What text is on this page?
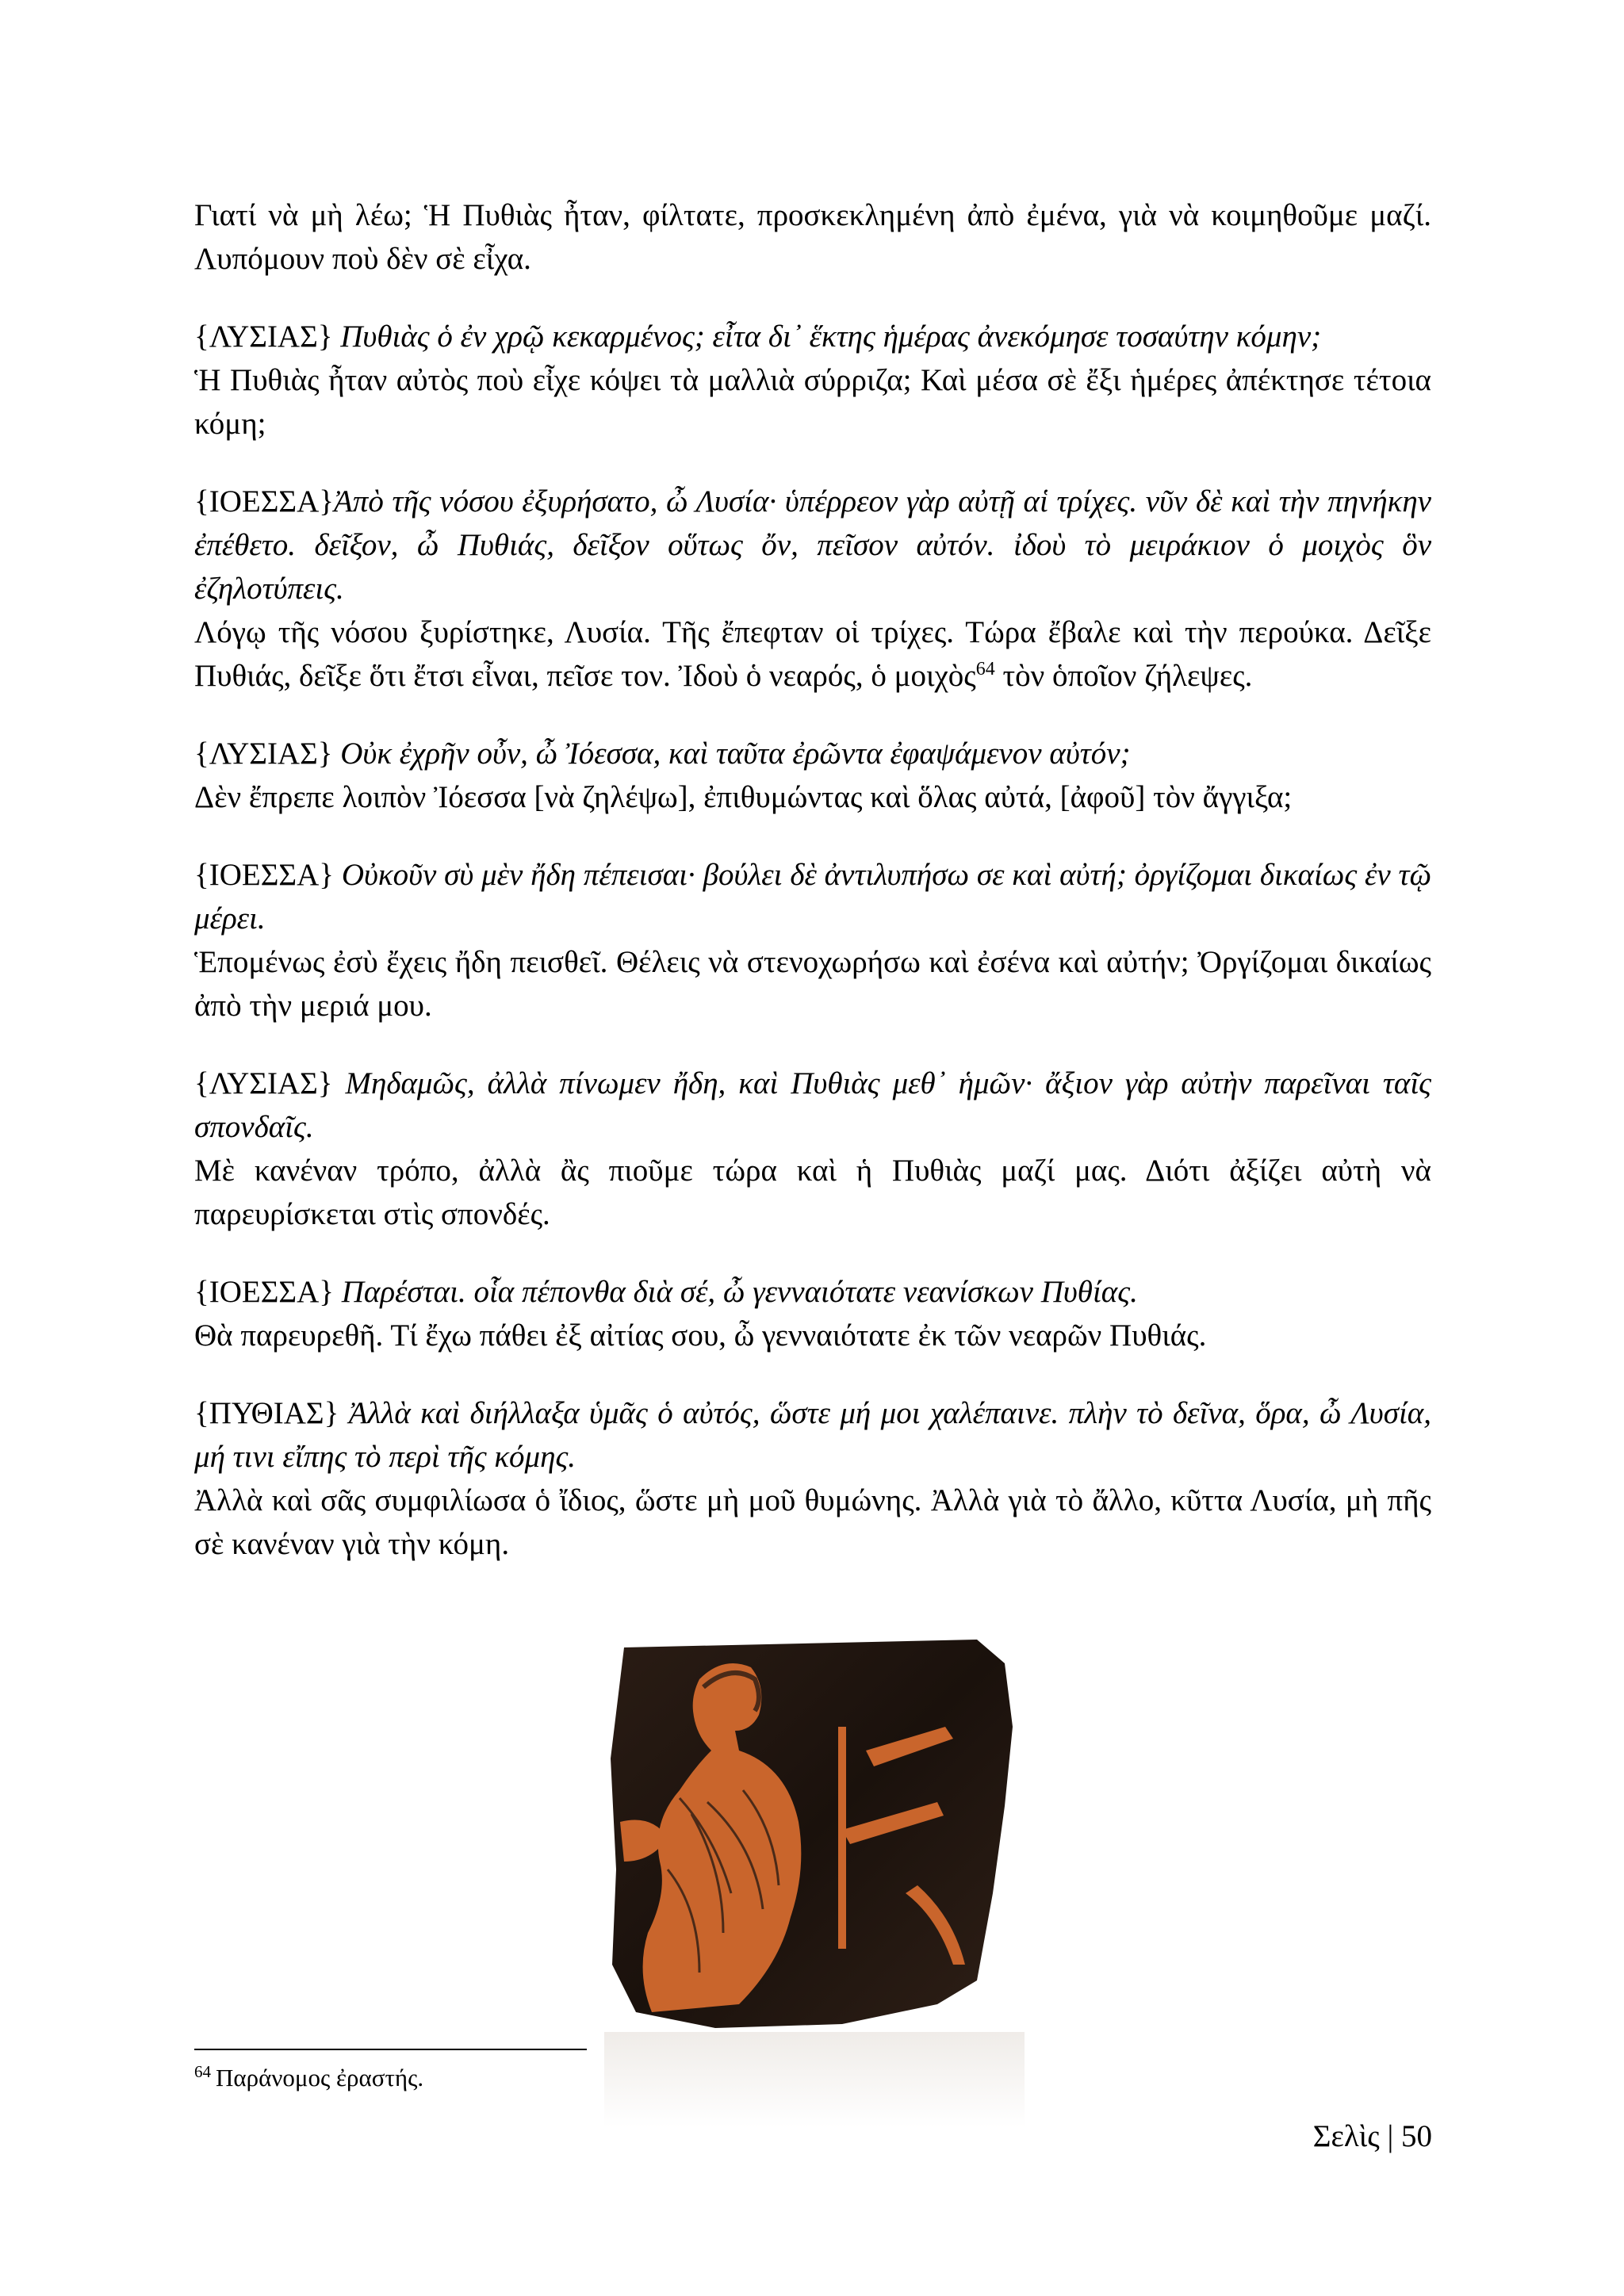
Γιατί νὰ μὴ λέω; Ἡ Πυθιὰς ἦταν, φίλτατε, προσκεκλημένη ἀπὸ ἐμένα, γιὰ νὰ κοιμηθοῦμε μαζί. Λυπόμουν ποὺ δὲν σὲ εἶχα.

{ΛΥΣΙΑΣ} Πυθιὰς ὁ ἐν χρῷ κεκαρμένος; εἶτα δι᾽ ἕκτης ἡμέρας ἀνεκόμησε τοσαύτην κόμην;
Ἡ Πυθιὰς ἦταν αὐτὸς ποὺ εἶχε κόψει τὰ μαλλιὰ σύρριζα; Καὶ μέσα σὲ ἔξι ἡμέρες ἀπέκτησε τέτοια κόμη;

{ΙΟΕΣΣΑ}Ἀπὸ τῆς νόσου ἐξυρήσατο, ὦ Λυσία· ὑπέρρεον γὰρ αὐτῇ αἱ τρίχες. νῦν δὲ καὶ τὴν πηνήκην ἐπέθετο. δεῖξον, ὦ Πυθιάς, δεῖξον οὕτως ὄν, πεῖσον αὐτόν. ἰδοὺ τὸ μειράκιον ὁ μοιχὸς ὃν ἐζηλοτύπεις.
Λόγῳ τῆς νόσου ξυρίστηκε, Λυσία. Τῆς ἔπεφταν οἱ τρίχες. Τώρα ἔβαλε καὶ τὴν περούκα. Δεῖξε Πυθιάς, δεῖξε ὅτι ἔτσι εἶναι, πεῖσε τον. Ἰδοὺ ὁ νεαρός, ὁ μοιχὸς$^{64}$ τὸν ὁποῖον ζήλεψες.

{ΛΥΣΙΑΣ} Οὐκ ἐχρῆν οὖν, ὦ Ἰόεσσα, καὶ ταῦτα ἐρῶντα ἐφαψάμενον αὐτόν;
Δὲν ἔπρεπε λοιπὸν Ἰόεσσα [νὰ ζηλέψω], ἐπιθυμώντας καὶ ὅλας αὐτά, [ἀφοῦ] τὸν ἄγγιξα;

{ΙΟΕΣΣΑ} Οὐκοῦν σὺ μὲν ἤδη πέπεισαι· βούλει δὲ ἀντιλυπήσω σε καὶ αὐτή; ὀργίζομαι δικαίως ἐν τῷ μέρει.
Ἑπομένως ἐσὺ ἔχεις ἤδη πεισθεῖ. Θέλεις νὰ στενοχωρήσω καὶ ἐσένα καὶ αὐτήν; Ὀργίζομαι δικαίως ἀπὸ τὴν μεριά μου.

{ΛΥΣΙΑΣ} Μηδαμῶς, ἀλλὰ πίνωμεν ἤδη, καὶ Πυθιὰς μεθ᾽ ἡμῶν· ἄξιον γὰρ αὐτὴν παρεῖναι ταῖς σπονδαῖς.
Μὲ κανέναν τρόπο, ἀλλὰ ἂς πιοῦμε τώρα καὶ ἡ Πυθιὰς μαζί μας. Διότι ἀξίζει αὐτὴ νὰ παρευρίσκεται στὶς σπονδές.

{ΙΟΕΣΣΑ} Παρέσται. οἷα πέπονθα διὰ σέ, ὦ γενναιότατε νεανίσκων Πυθίας.
Θὰ παρευρεθῆ. Τί ἔχω πάθει ἐξ αἰτίας σου, ὦ γενναιότατε ἐκ τῶν νεαρῶν Πυθιάς.

{ΠΥΘΙΑΣ} Ἀλλὰ καὶ διήλλαξα ὑμᾶς ὁ αὐτός, ὥστε μή μοι χαλέπαινε. πλὴν τὸ δεῖνα, ὅρα, ὦ Λυσία, μή τινι εἴπης τὸ περὶ τῆς κόμης.
Ἀλλὰ καὶ σᾶς συμφιλίωσα ὁ ἴδιος, ὥστε μὴ μοῦ θυμώνης. Ἀλλὰ γιὰ τὸ ἄλλο, κῦττα Λυσία, μὴ πῆς σὲ κανέναν γιὰ τὴν κόμη.

$^{64}$ Παράνομος ἐραστής.
Σελὶς | 50
